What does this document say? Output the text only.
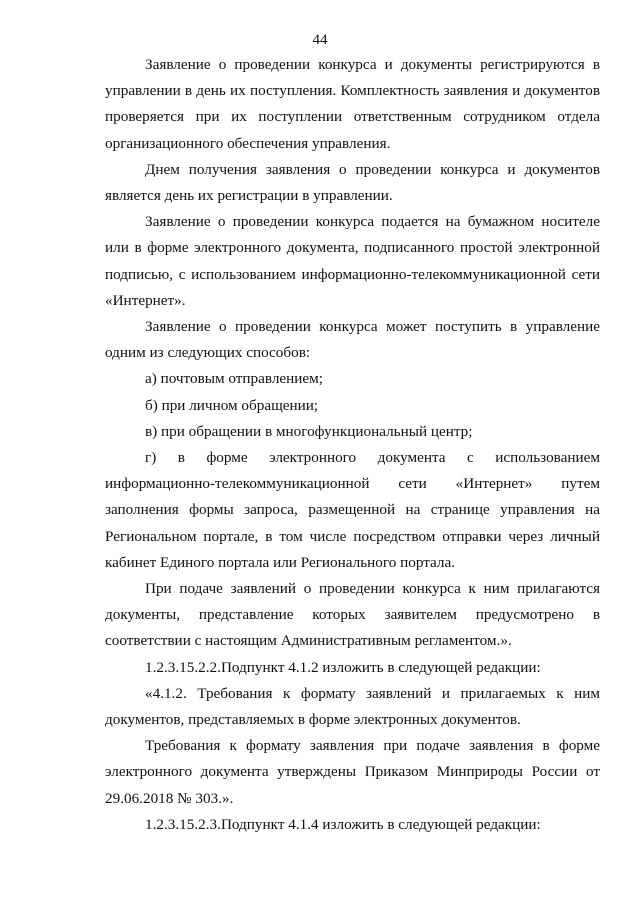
44

Заявление о проведении конкурса и документы регистрируются в управлении в день их поступления. Комплектность заявления и документов проверяется при их поступлении ответственным сотрудником отдела организационного обеспечения управления.

Днем получения заявления о проведении конкурса и документов является день их регистрации в управлении.

Заявление о проведении конкурса подается на бумажном носителе или в форме электронного документа, подписанного простой электронной подписью, с использованием информационно-телекоммуникационной сети «Интернет».

Заявление о проведении конкурса может поступить в управление одним из следующих способов:

а) почтовым отправлением;

б) при личном обращении;

в) при обращении в многофункциональный центр;

г) в форме электронного документа с использованием

информационно-телекоммуникационной сети «Интернет» путем заполнения формы запроса, размещенной на странице управления на Региональном портале, в том числе посредством отправки через личный кабинет Единого портала или Регионального портала.

При подаче заявлений о проведении конкурса к ним прилагаются документы, представление которых заявителем предусмотрено в соответствии с настоящим Административным регламентом.».

1.2.3.15.2.2.Подпункт 4.1.2 изложить в следующей редакции:

«4.1.2. Требования к формату заявлений и прилагаемых к ним документов, представляемых в форме электронных документов.

Требования к формату заявления при подаче заявления в форме электронного документа утверждены Приказом Минприроды России от 29.06.2018 № 303.».

1.2.3.15.2.3.Подпункт 4.1.4 изложить в следующей редакции:
